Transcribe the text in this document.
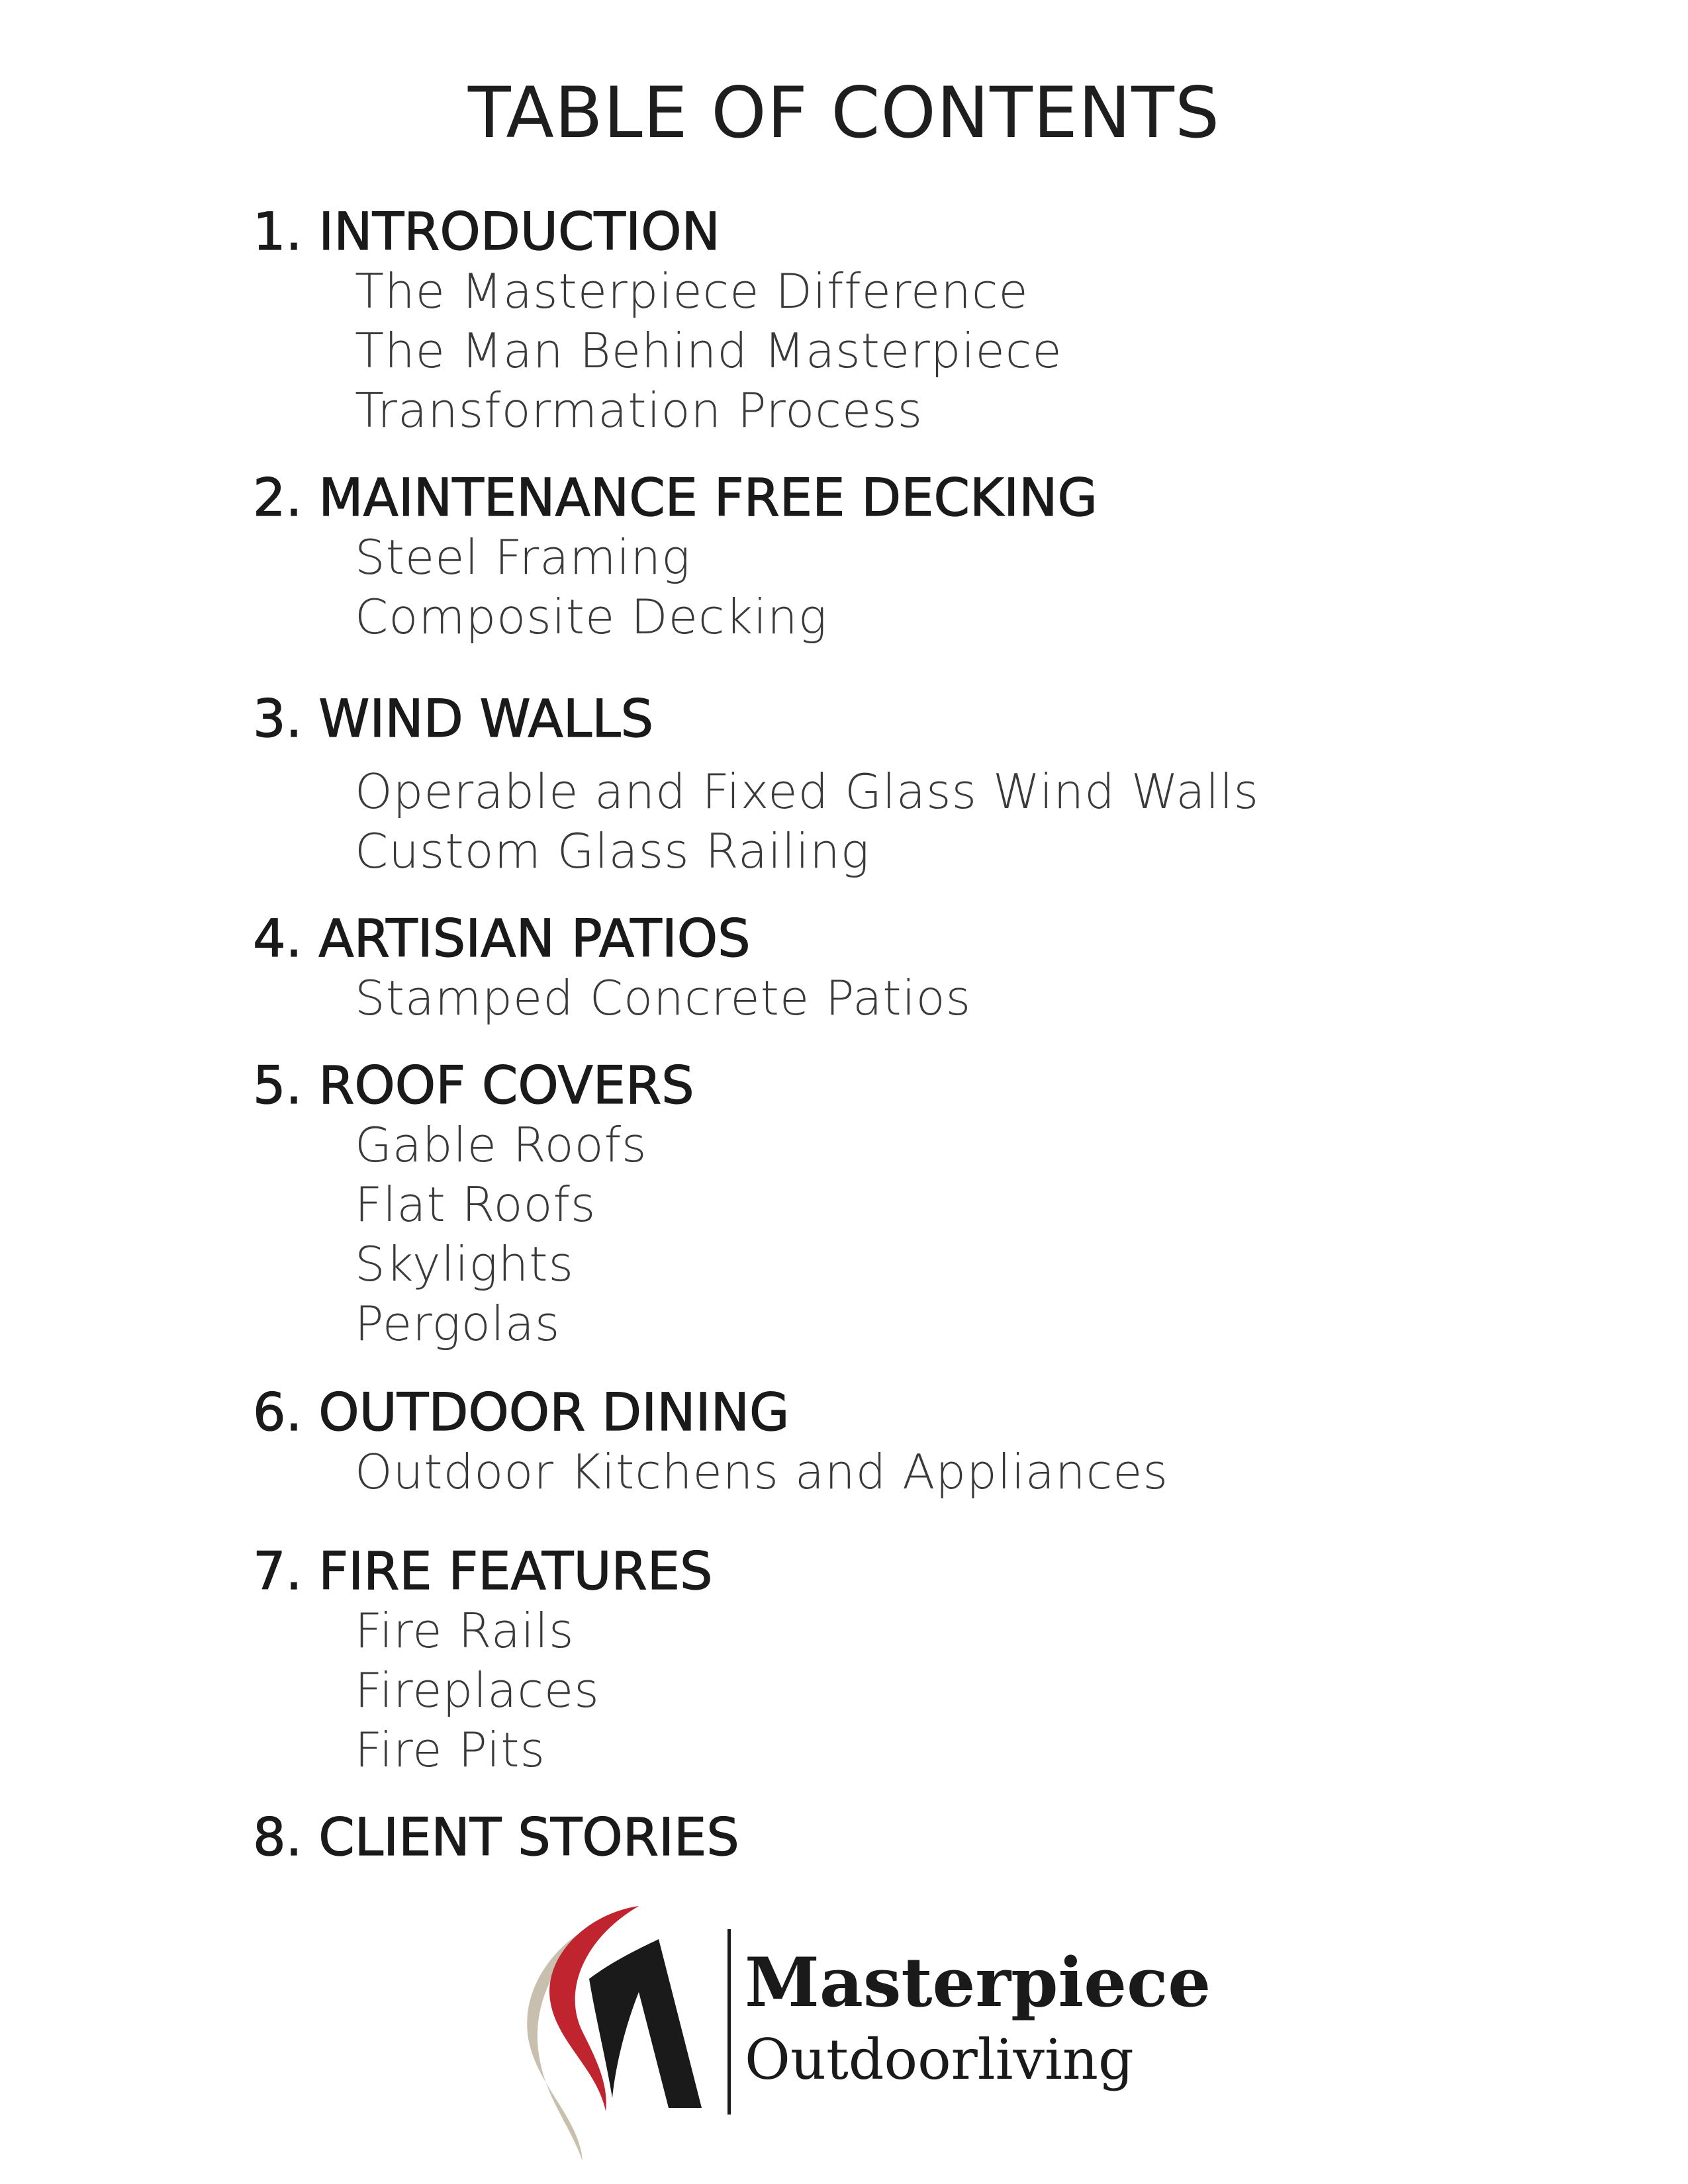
TABLE OF CONTENTS
1. INTRODUCTION
The Masterpiece Difference
The Man Behind Masterpiece
Transformation Process
2. MAINTENANCE FREE DECKING
Steel Framing
Composite Decking
3. WIND WALLS
Operable and Fixed Glass Wind Walls
Custom Glass Railing
4. ARTISIAN PATIOS
Stamped Concrete Patios
5. ROOF COVERS
Gable Roofs
Flat Roofs
Skylights
Pergolas
6. OUTDOOR DINING
Outdoor Kitchens and Appliances
7. FIRE FEATURES
Fire Rails
Fireplaces
Fire Pits
8. CLIENT STORIES
Masterpiece
Outdoorliving
